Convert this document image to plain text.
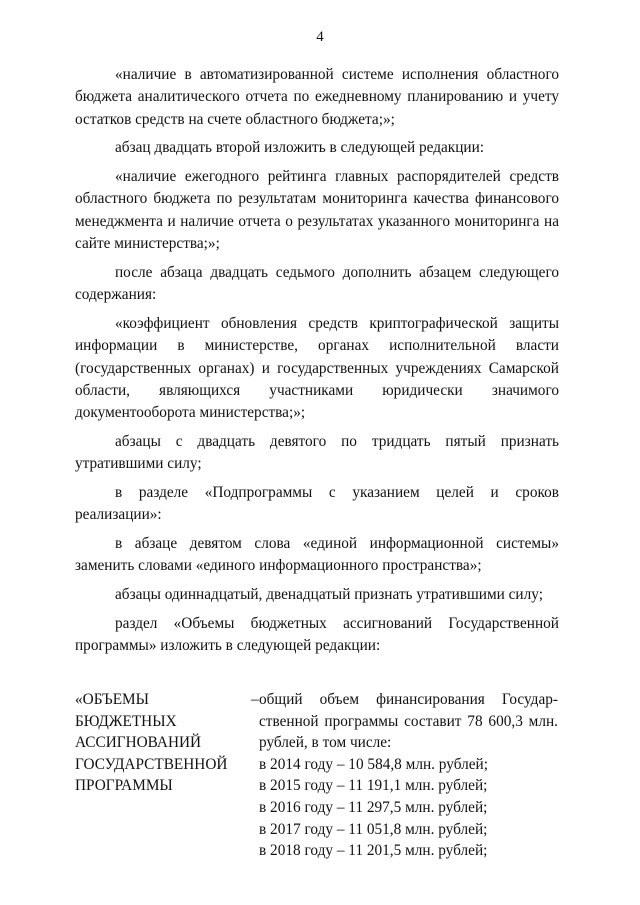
4

«наличие в автоматизированной системе исполнения областного бюджета аналитического отчета по ежедневному планированию и учету остатков средств на счете областного бюджета;»;

абзац двадцать второй изложить в следующей редакции:

«наличие ежегодного рейтинга главных распорядителей средств областного бюджета по результатам мониторинга качества финансового менеджмента и наличие отчета о результатах указанного мониторинга на сайте министерства;»;

после абзаца двадцать седьмого дополнить абзацем следующего содержания:

«коэффициент обновления средств криптографической защиты информации в министерстве, органах исполнительной власти (государственных органах) и государственных учреждениях Самарской области, являющихся участниками юридически значимого документооборота министерства;»;

абзацы с двадцать девятого по тридцать пятый признать утратившими силу;

в разделе «Подпрограммы с указанием целей и сроков реализации»:

в абзаце девятом слова «единой информационной системы» заменить словами «единого информационного пространства»;

абзацы одиннадцатый, двенадцатый признать утратившими силу;

раздел «Объемы бюджетных ассигнований Государственной программы» изложить в следующей редакции:

«ОБЪЕМЫ
БЮДЖЕТНЫХ
АССИГНОВАНИЙ
ГОСУДАРСТВЕННОЙ
ПРОГРАММЫ
– общий объем финансирования Государ-ственной программы составит 78 600,3 млн. рублей, в том числе:
в 2014 году – 10 584,8 млн. рублей;
в 2015 году – 11 191,1 млн. рублей;
в 2016 году – 11 297,5 млн. рублей;
в 2017 году – 11 051,8 млн. рублей;
в 2018 году – 11 201,5 млн. рублей;
